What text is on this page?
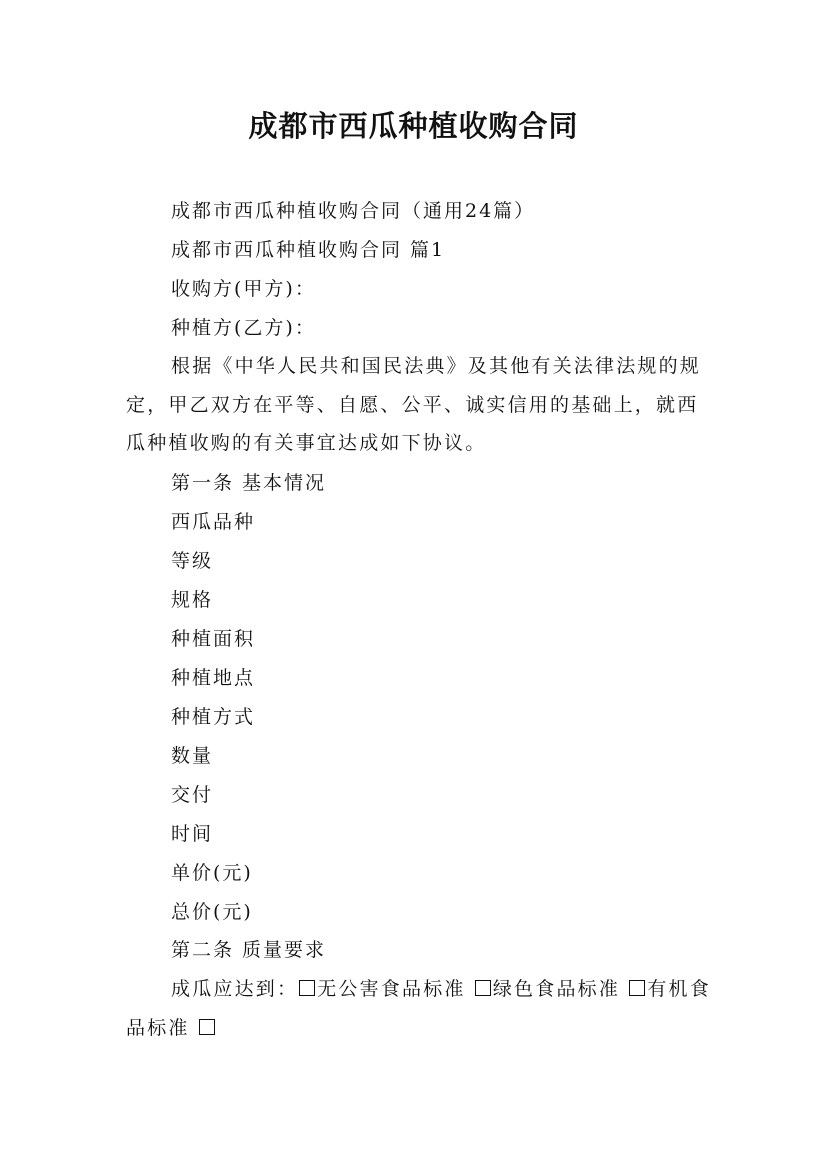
成都市西瓜种植收购合同
成都市西瓜种植收购合同（通用24篇）
成都市西瓜种植收购合同 篇1
收购方(甲方)：
种植方(乙方)：
根据《中华人民共和国民法典》及其他有关法律法规的规定，甲乙双方在平等、自愿、公平、诚实信用的基础上，就西瓜种植收购的有关事宜达成如下协议。
第一条 基本情况
西瓜品种
等级
规格
种植面积
种植地点
种植方式
数量
交付
时间
单价(元)
总价(元)
第二条 质量要求
成瓜应达到： 无公害食品标准 绿色食品标准 有机食品标准
